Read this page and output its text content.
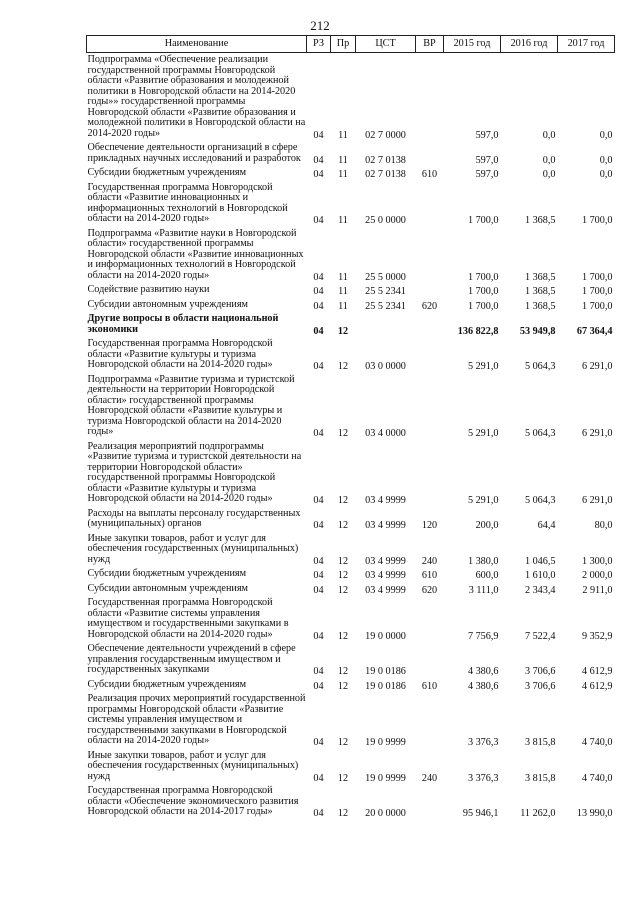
212
Наименование	РЗ	Пр	ЦСТ	ВР	2015 год	2016 год	2017 год
Подпрограмма «Обеспечение реализации государственной программы Новгородской области «Развитие образования и молодежной политики в Новгородской области на 2014-2020 годы»» государственной программы Новгородской области «Развитие образования и молодежной политики в Новгородской области на 2014-2020 годы»	04	11	02 7 0000		597,0	0,0	0,0
Обеспечение деятельности организаций в сфере прикладных научных исследований и разработок	04	11	02 7 0138		597,0	0,0	0,0
Субсидии бюджетным учреждениям	04	11	02 7 0138	610	597,0	0,0	0,0
Государственная программа Новгородской области «Развитие инновационных и информационных технологий в Новгородской области на 2014-2020 годы»	04	11	25 0 0000		1 700,0	1 368,5	1 700,0
Подпрограмма «Развитие науки в Новгородской области» государственной программы Новгородской области «Развитие инновационных и информационных технологий в Новгородской области на 2014-2020 годы»	04	11	25 5 0000		1 700,0	1 368,5	1 700,0
Содействие развитию науки	04	11	25 5 2341		1 700,0	1 368,5	1 700,0
Субсидии автономным учреждениям	04	11	25 5 2341	620	1 700,0	1 368,5	1 700,0
Другие вопросы в области национальной экономики	04	12			136 822,8	53 949,8	67 364,4
Государственная программа Новгородской области «Развитие культуры и туризма Новгородской области на 2014-2020 годы»	04	12	03 0 0000		5 291,0	5 064,3	6 291,0
Подпрограмма «Развитие туризма и туристской деятельности на территории Новгородской области» государственной программы Новгородской области «Развитие культуры и туризма Новгородской области на 2014-2020 годы»	04	12	03 4 0000		5 291,0	5 064,3	6 291,0
Реализация мероприятий подпрограммы «Развитие туризма и туристской деятельности на территории Новгородской области» государственной программы Новгородской области «Развитие культуры и туризма Новгородской области на 2014-2020 годы»	04	12	03 4 9999		5 291,0	5 064,3	6 291,0
Расходы на выплаты персоналу государственных (муниципальных) органов	04	12	03 4 9999	120	200,0	64,4	80,0
Иные закупки товаров, работ и услуг для обеспечения государственных (муниципальных) нужд	04	12	03 4 9999	240	1 380,0	1 046,5	1 300,0
Субсидии бюджетным учреждениям	04	12	03 4 9999	610	600,0	1 610,0	2 000,0
Субсидии автономным учреждениям	04	12	03 4 9999	620	3 111,0	2 343,4	2 911,0
Государственная программа Новгородской области «Развитие системы управления имуществом и государственными закупками в Новгородской области на 2014-2020 годы»	04	12	19 0 0000		7 756,9	7 522,4	9 352,9
Обеспечение деятельности учреждений в сфере управления государственным имуществом и государственных закупками	04	12	19 0 0186		4 380,6	3 706,6	4 612,9
Субсидии бюджетным учреждениям	04	12	19 0 0186	610	4 380,6	3 706,6	4 612,9
Реализация прочих мероприятий государственной программы Новгородской области «Развитие системы управления имуществом и государственными закупками в Новгородской области на 2014-2020 годы»	04	12	19 0 9999		3 376,3	3 815,8	4 740,0
Иные закупки товаров, работ и услуг для обеспечения государственных (муниципальных) нужд	04	12	19 0 9999	240	3 376,3	3 815,8	4 740,0
Государственная программа Новгородской области «Обеспечение экономического развития Новгородской области на 2014-2017 годы»	04	12	20 0 0000		95 946,1	11 262,0	13 990,0
